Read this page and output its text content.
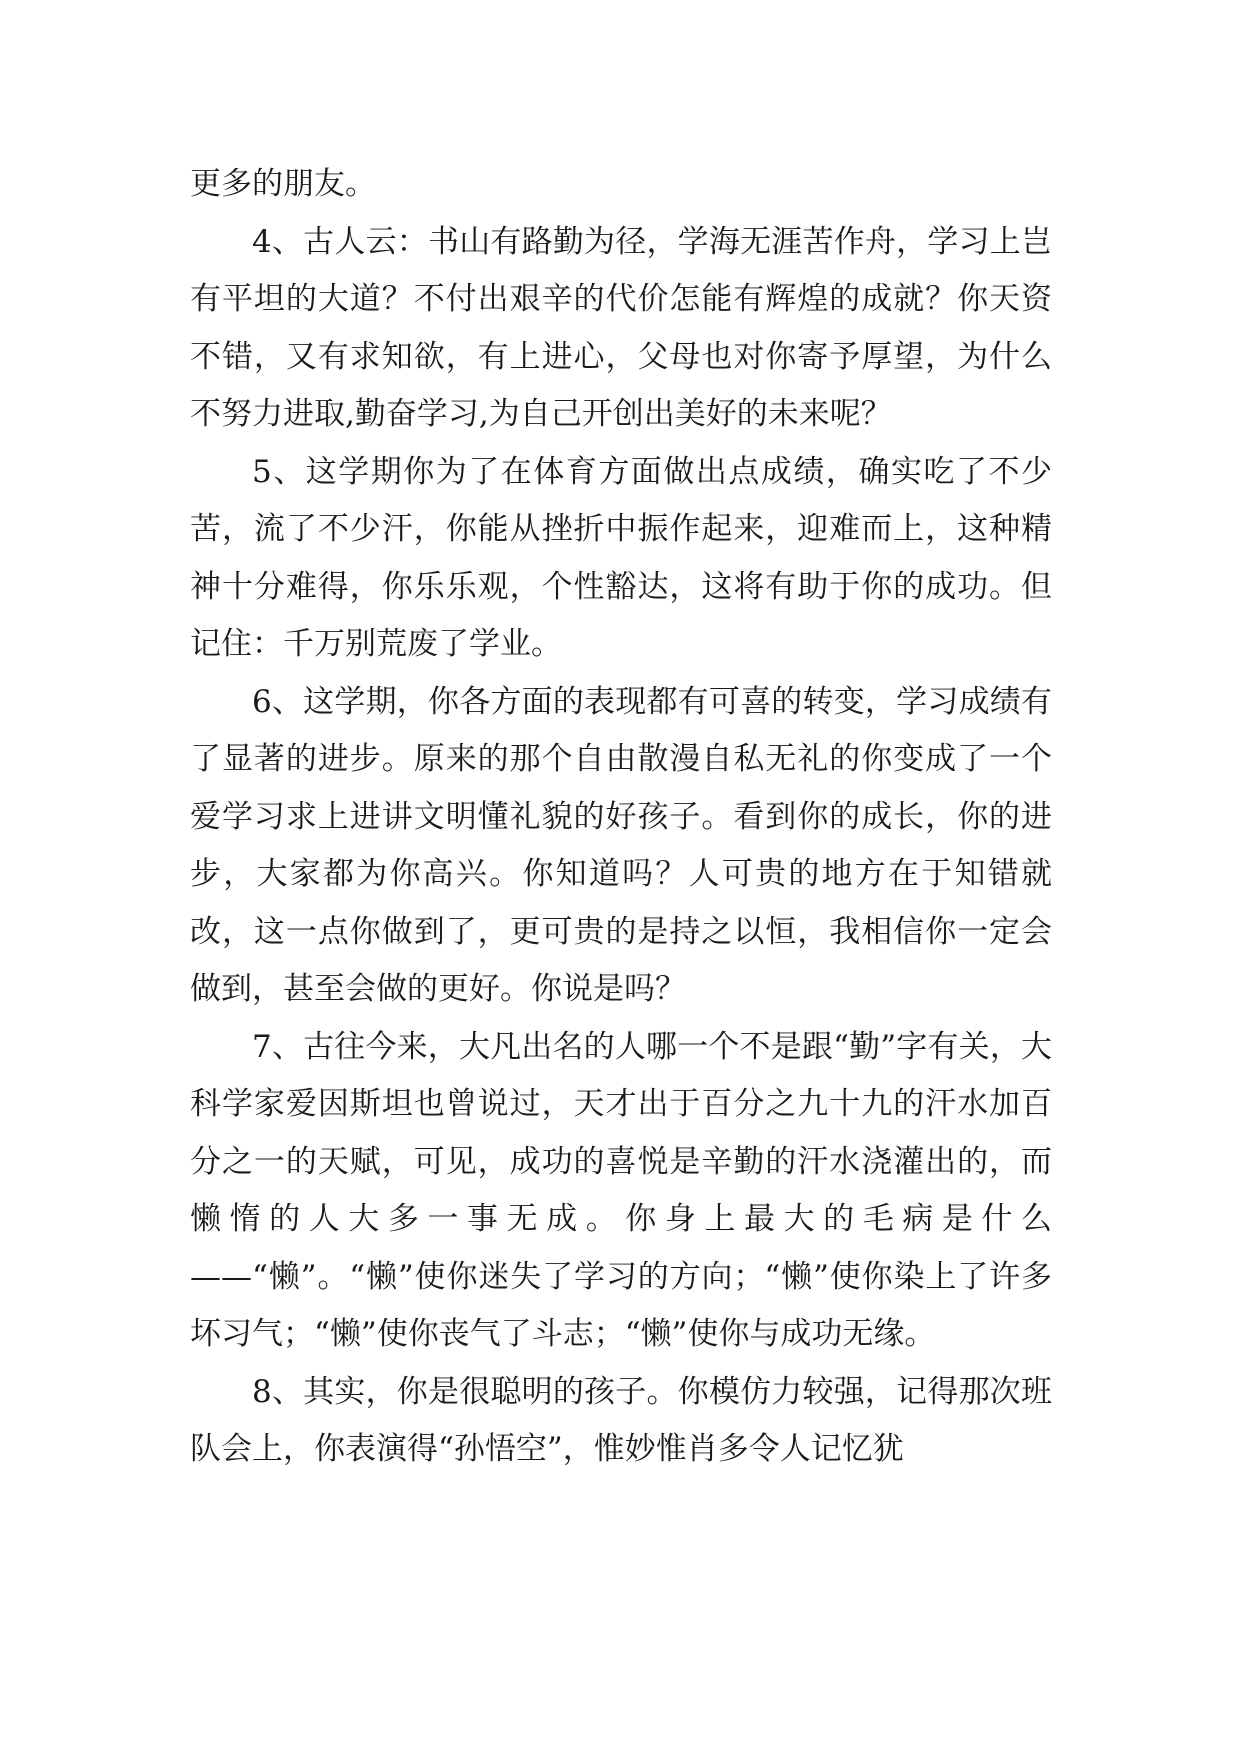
更多的朋友。

4、古人云：书山有路勤为径，学海无涯苦作舟，学习上岂有平坦的大道？不付出艰辛的代价怎能有辉煌的成就？你天资不错，又有求知欲，有上进心，父母也对你寄予厚望，为什么不努力进取,勤奋学习,为自己开创出美好的未来呢？

5、这学期你为了在体育方面做出点成绩，确实吃了不少苦，流了不少汗，你能从挫折中振作起来，迎难而上，这种精神十分难得，你乐乐观，个性豁达，这将有助于你的成功。但记住：千万别荒废了学业。

6、这学期，你各方面的表现都有可喜的转变，学习成绩有了显著的进步。原来的那个自由散漫自私无礼的你变成了一个爱学习求上进讲文明懂礼貌的好孩子。看到你的成长，你的进步，大家都为你高兴。你知道吗？人可贵的地方在于知错就改，这一点你做到了，更可贵的是持之以恒，我相信你一定会做到，甚至会做的更好。你说是吗？

7、古往今来，大凡出名的人哪一个不是跟“勤”字有关，大科学家爱因斯坦也曾说过，天才出于百分之九十九的汗水加百分之一的天赋，可见，成功的喜悦是辛勤的汗水浇灌出的，而懒惰的人大多一事无成。你身上最大的毛病是什么——“懒”。“懒”使你迷失了学习的方向；“懒”使你染上了许多坏习气；“懒”使你丧气了斗志；“懒”使你与成功无缘。

8、其实，你是很聪明的孩子。你模仿力较强，记得那次班队会上，你表演得“孙悟空”，惟妙惟肖多令人记忆犹
